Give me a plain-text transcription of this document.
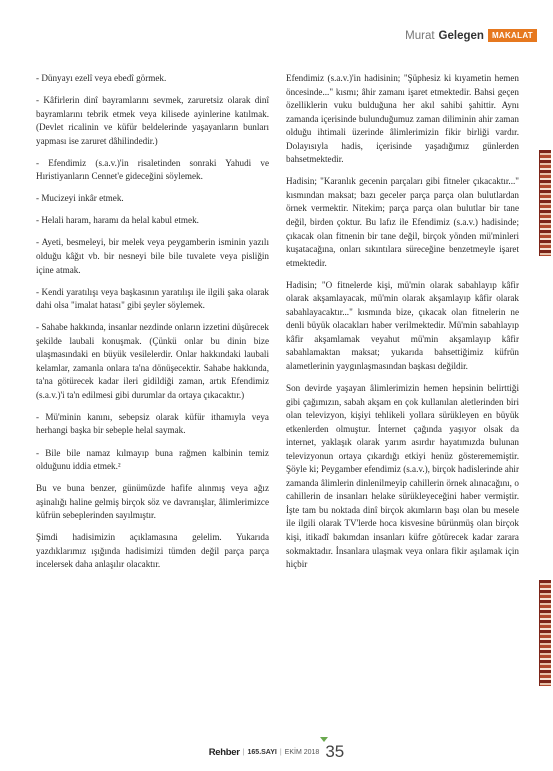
Murat Gelegen	MAKALAT

- Dünyayı ezelî veya ebedî görmek.

- Kâfirlerin dinî bayramlarını sevmek, zaruretsiz olarak dinî bayramlarını tebrik etmek veya kilisede ayinlerine katılmak. (Devlet ricalinin ve küfür beldelerinde yaşayanların bunları yapması ise zaruret dâhilindedir.)

- Efendimiz (s.a.v.)'in risaletinden sonraki Yahudi ve Hıristiyanların Cennet'e gideceğini söylemek.

- Mucizeyi inkâr etmek.

- Helali haram, haramı da helal kabul etmek.

- Ayeti, besmeleyi, bir melek veya peygamberin isminin yazılı olduğu kâğıt vb. bir nesneyi bile bile tuvalete veya pisliğin içine atmak.

- Kendi yaratılışı veya başkasının yaratılışı ile ilgili şaka olarak dahi olsa "imalat hatası" gibi şeyler söylemek.

- Sahabe hakkında, insanlar nezdinde onların izzetini düşürecek şekilde laubali konuşmak. (Çünkü onlar bu dinin bize ulaşmasındaki en büyük vesilelerdir. Onlar hakkındaki laubali kelamlar, zamanla onlara ta'na dönüşecektir. Sahabe hakkında, ta'na götürecek kadar ileri gidildiği zaman, artık Efendimiz (s.a.v.)'i ta'n edilmesi gibi durumlar da ortaya çıkacaktır.)

- Mü'minin kanını, sebepsiz olarak küfür ithamıyla veya herhangi başka bir sebeple helal saymak.

- Bile bile namaz kılmayıp buna rağmen kalbinin temiz olduğunu iddia etmek.²

Bu ve buna benzer, günümüzde hafife alınmış veya ağız aşinalığı haline gelmiş birçok söz ve davranışlar, âlimlerimizce küfrün sebeplerinden sayılmıştır.

Şimdi hadisimizin açıklamasına gelelim. Yukarıda yazdıklarımız ışığında hadisimizi tümden değil parça parça incelersek daha anlaşılır olacaktır.

Efendimiz (s.a.v.)'in hadisinin; "Şüphesiz ki kıyametin hemen öncesinde..." kısmı; âhir zamanı işaret etmektedir. Bahsi geçen özelliklerin vuku bulduğuna her akıl sahibi şahittir. Aynı zamanda içerisinde bulunduğumuz zaman diliminin ahir zaman olduğu ihtimali üzerinde âlimlerimizin fikir birliği vardır. Dolayısıyla hadis, içerisinde yaşadığımız günlerden bahsetmektedir.

Hadisin; "Karanlık gecenin parçaları gibi fitneler çıkacaktır..." kısmından maksat; bazı geceler parça parça olan bulutlardan örnek vermektir. Nitekim; parça parça olan bulutlar bir tane değil, birden çoktur. Bu lafız ile Efendimiz (s.a.v.) hadisinde; çıkacak olan fitnenin bir tane değil, birçok yönden mü'minleri kuşatacağına, onları sıkıntılara süreceğine benzetmeyle işaret etmektedir.

Hadisin; "O fitnelerde kişi, mü'min olarak sabahlayıp kâfir olarak akşamlayacak, mü'min olarak akşamlayıp kâfir olarak sabahlayacaktır..." kısmında bize, çıkacak olan fitnelerin ne denli büyük olacakları haber verilmektedir. Mü'min sabahlayıp kâfir akşamlamak veyahut mü'min akşamlayıp kâfir sabahlamaktan maksat; yukarıda bahsettiğimiz küfrün alametlerinin yaygınlaşmasından başkası değildir.

Son devirde yaşayan âlimlerimizin hemen hepsinin belirttiği gibi çağımızın, sabah akşam en çok kullanılan aletlerinden biri olan televizyon, kişiyi tehlikeli yollara sürükleyen en büyük etkenlerden olmuştur. İnternet çağında yaşıyor olsak da internet, yaklaşık olarak yarım asırdır hayatımızda bulunan televizyonun ortaya çıkardığı etkiyi henüz gösterememiştir. Şöyle ki; Peygamber efendimiz (s.a.v.), birçok hadislerinde ahir zamanda âlimlerin dinlenilmeyip cahillerin örnek alınacağını, o cahillerin de insanları helake sürükleyeceğini haber vermiştir. İşte tam bu noktada dinî birçok akımların başı olan bu mesele ile ilgili olarak TV'lerde hoca kisvesine bürünmüş olan birçok kişi, itikadî bakımdan insanları küfre götürecek kadar zarara sokmaktadır. İnsanlara ulaşmak veya onlara fikir aşılamak için hiçbir

Rehber | 165.SAYI | EKİM 2018 35
